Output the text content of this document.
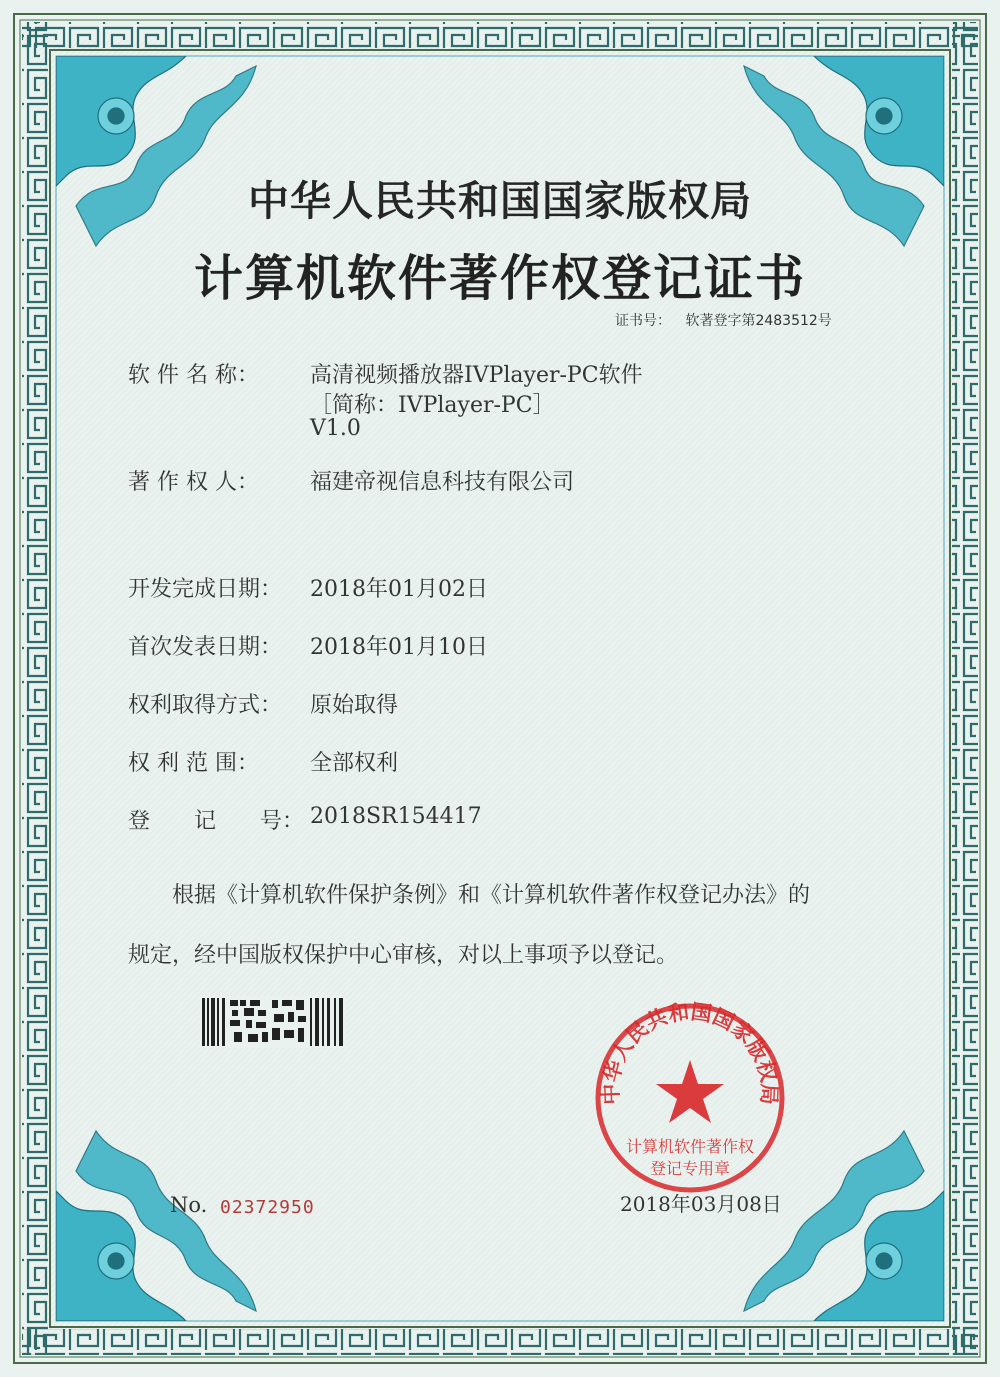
中华人民共和国国家版权局
计算机软件著作权登记证书
证书号： 软著登字第2483512号
软 件 名 称： 高清视频播放器IVPlayer-PC软件
［简称：IVPlayer-PC］
V1.0
著 作 权 人： 福建帝视信息科技有限公司
开发完成日期： 2018年01月02日
首次发表日期： 2018年01月10日
权利取得方式： 原始取得
权 利 范 围： 全部权利
登　　记　　号： 2018SR154417
根据《计算机软件保护条例》和《计算机软件著作权登记办法》的
规定，经中国版权保护中心审核，对以上事项予以登记。
中华人民共和国国家版权局
计算机软件著作权
登记专用章
No. 02372950	2018年03月08日
